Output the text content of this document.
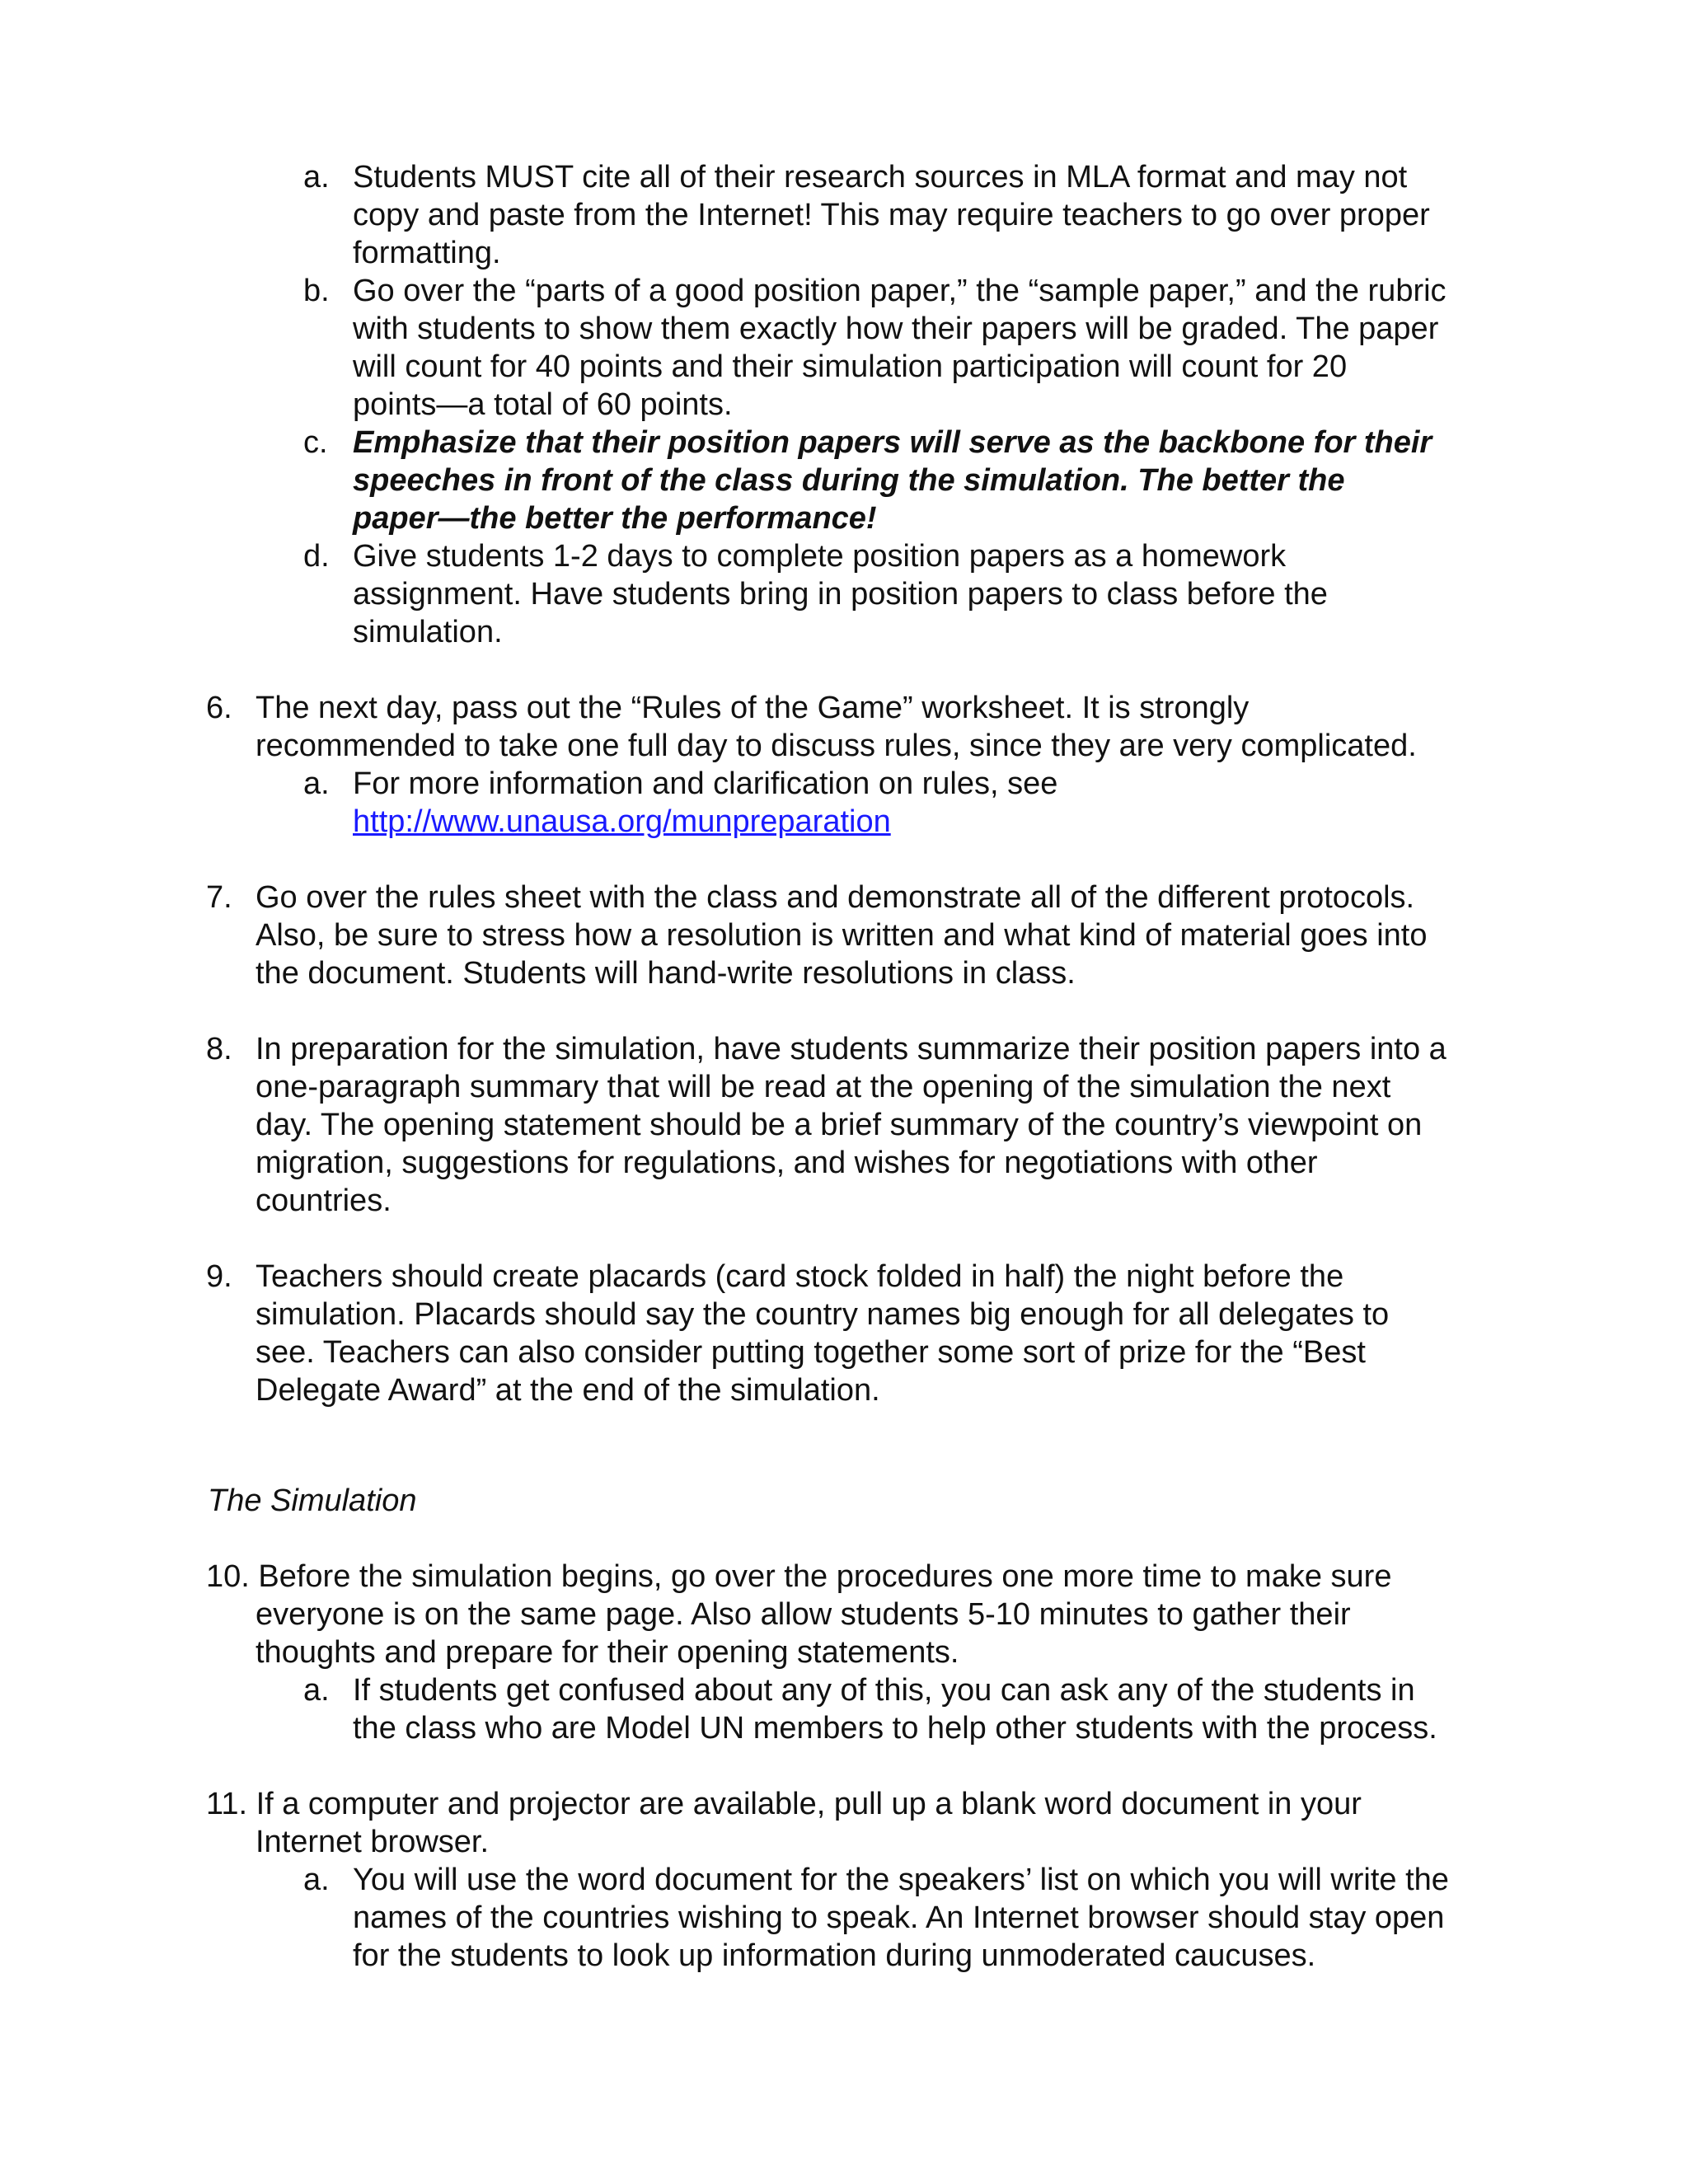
a. Students MUST cite all of their research sources in MLA format and may not
copy and paste from the Internet! This may require teachers to go over proper
formatting.
b. Go over the “parts of a good position paper,” the “sample paper,” and the rubric
with students to show them exactly how their papers will be graded. The paper
will count for 40 points and their simulation participation will count for 20
points—a total of 60 points.
c. Emphasize that their position papers will serve as the backbone for their
speeches in front of the class during the simulation. The better the
paper—the better the performance!
d. Give students 1-2 days to complete position papers as a homework
assignment. Have students bring in position papers to class before the
simulation.
6. The next day, pass out the “Rules of the Game” worksheet. It is strongly
recommended to take one full day to discuss rules, since they are very complicated.
a. For more information and clarification on rules, see
http://www.unausa.org/munpreparation
7. Go over the rules sheet with the class and demonstrate all of the different protocols.
Also, be sure to stress how a resolution is written and what kind of material goes into
the document. Students will hand-write resolutions in class.
8. In preparation for the simulation, have students summarize their position papers into a
one-paragraph summary that will be read at the opening of the simulation the next
day. The opening statement should be a brief summary of the country’s viewpoint on
migration, suggestions for regulations, and wishes for negotiations with other
countries.
9. Teachers should create placards (card stock folded in half) the night before the
simulation. Placards should say the country names big enough for all delegates to
see. Teachers can also consider putting together some sort of prize for the “Best
Delegate Award” at the end of the simulation.
The Simulation
10. Before the simulation begins, go over the procedures one more time to make sure
everyone is on the same page. Also allow students 5-10 minutes to gather their
thoughts and prepare for their opening statements.
a. If students get confused about any of this, you can ask any of the students in
the class who are Model UN members to help other students with the process.
11. If a computer and projector are available, pull up a blank word document in your
Internet browser.
a. You will use the word document for the speakers’ list on which you will write the
names of the countries wishing to speak. An Internet browser should stay open
for the students to look up information during unmoderated caucuses.
